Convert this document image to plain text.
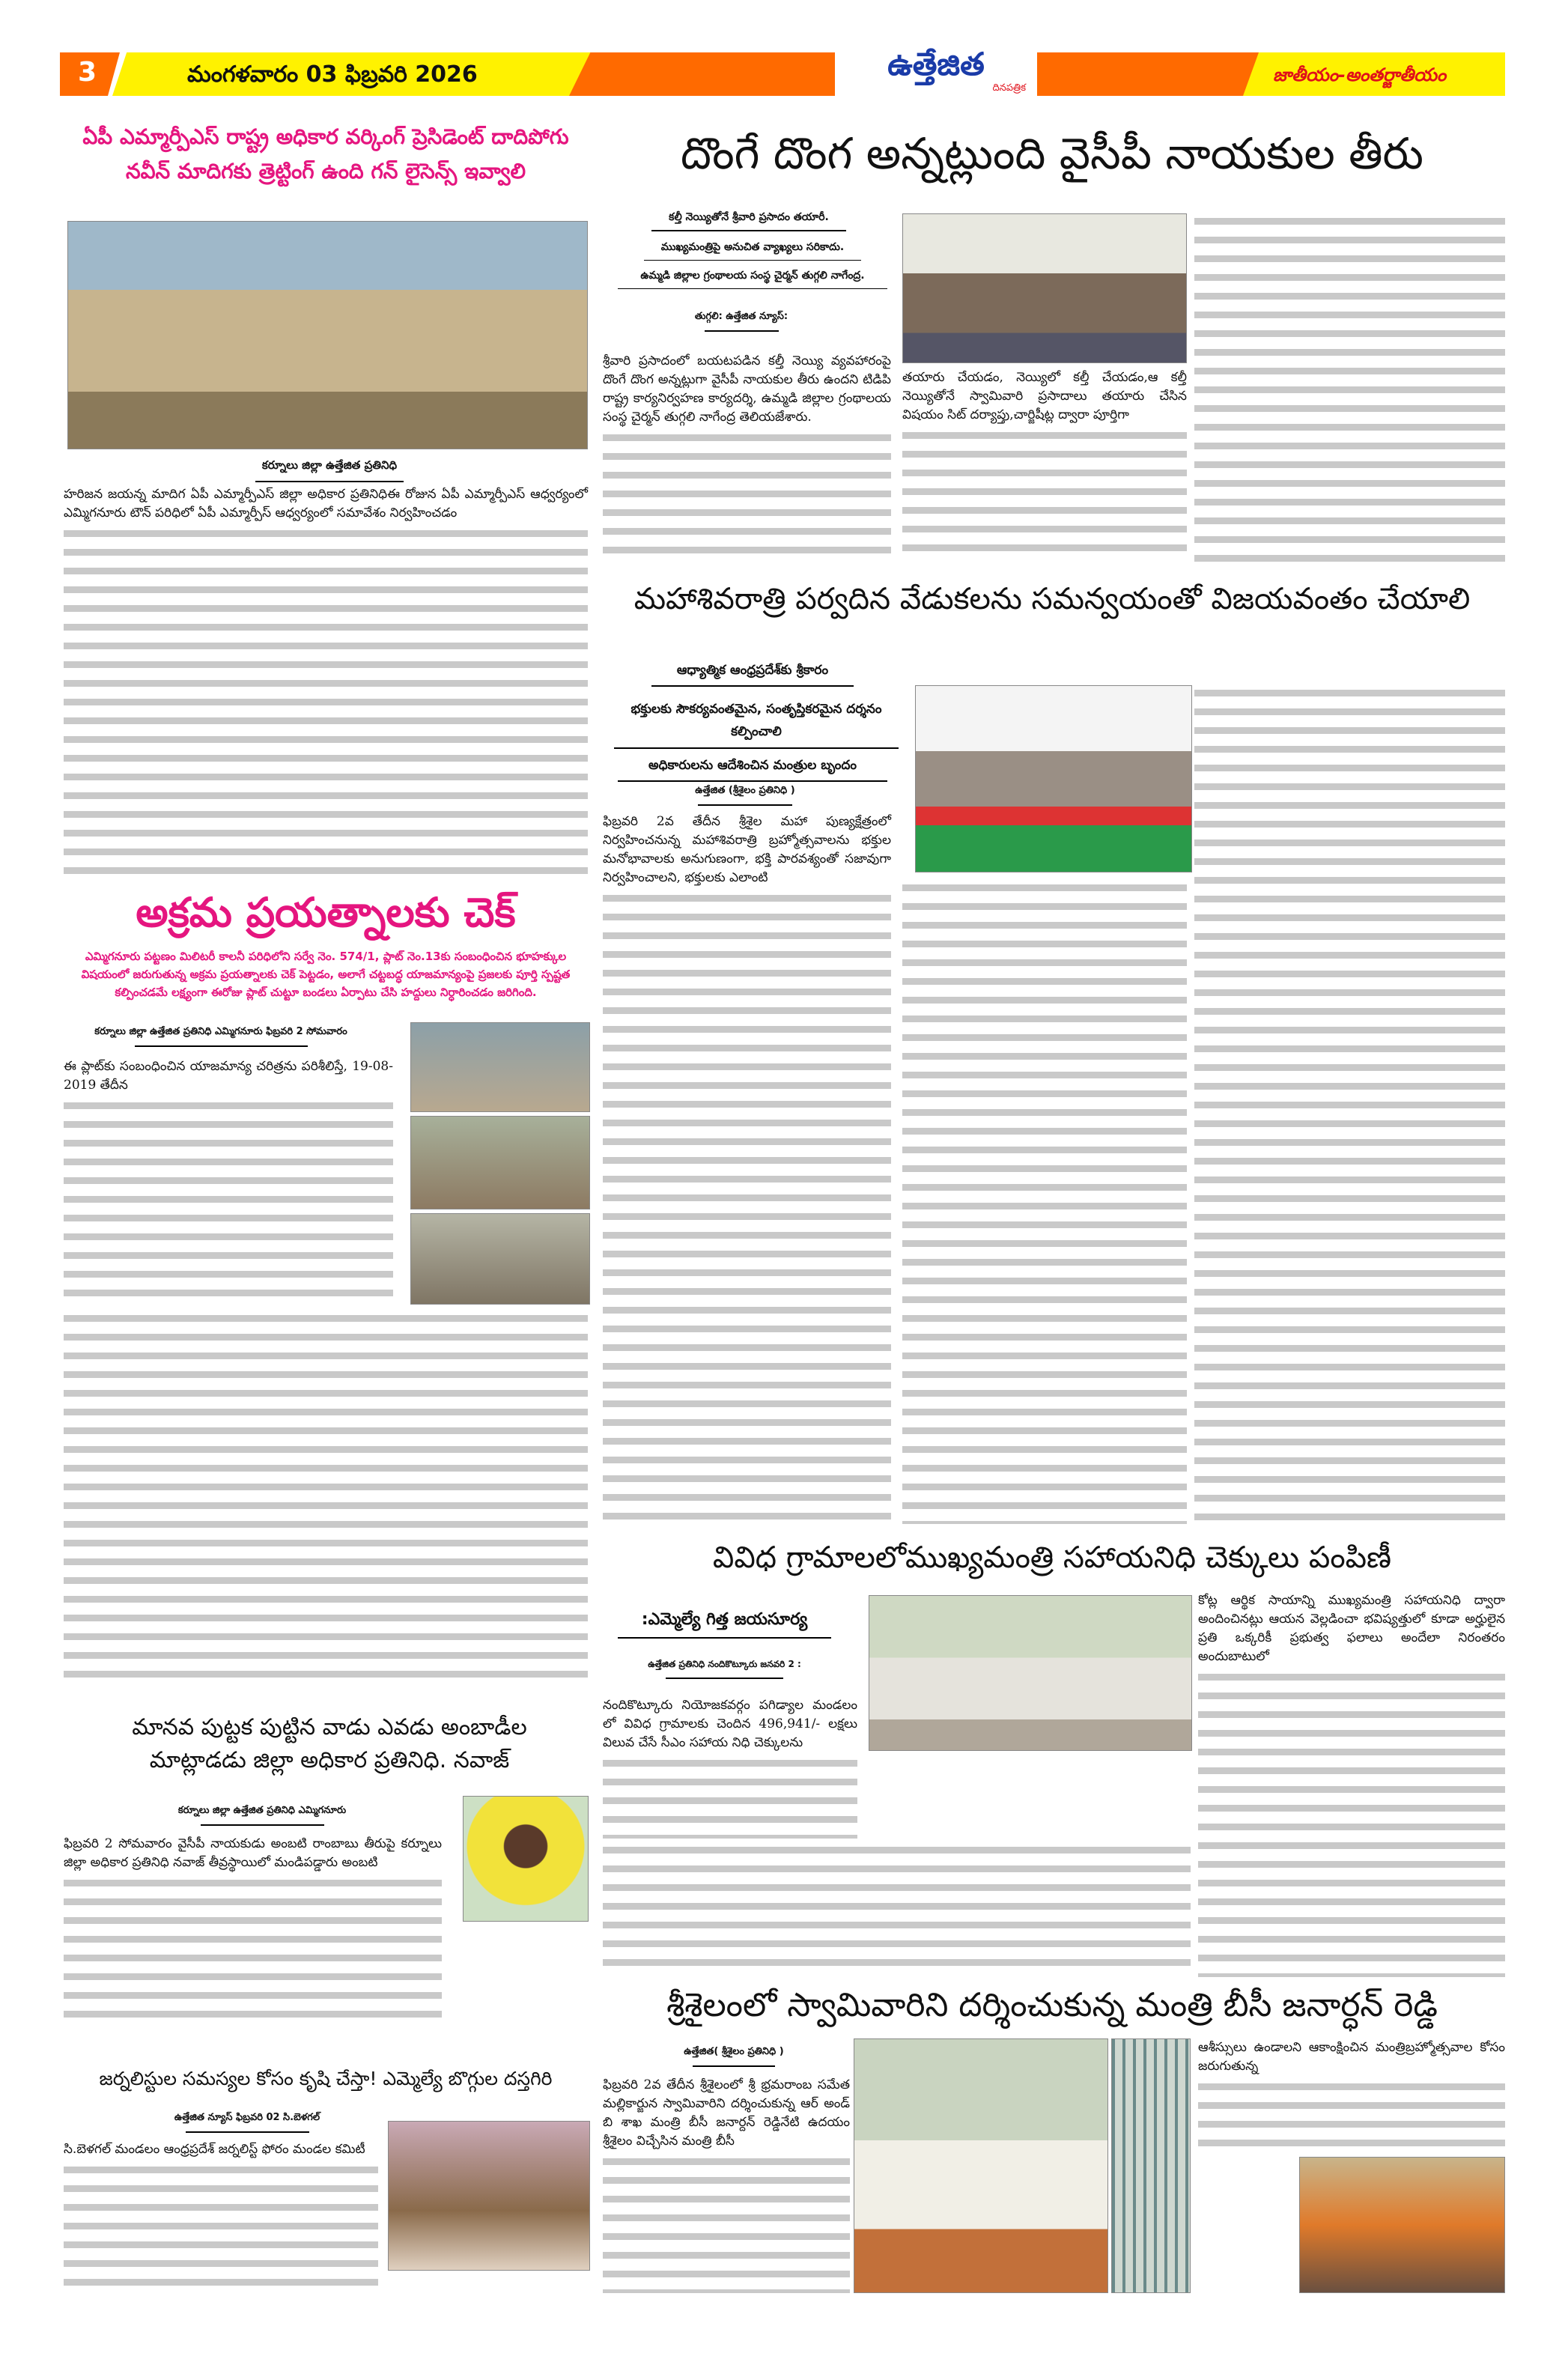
3	మంగళవారం 03 ఫిబ్రవరి 2026	ఉత్తేజిత
దినపత్రిక
జాతీయం-అంతర్జాతీయం
ఏపీ ఎమ్మార్పీఎస్ రాష్ట్ర అధికార వర్కింగ్ ప్రెసిడెంట్ దాదిపోగు నవీన్ మాదిగకు త్రెట్టింగ్ ఉంది గన్ లైసెన్స్ ఇవ్వాలి
కర్నూలు జిల్లా ఉత్తేజిత ప్రతినిధి
హరిజన జయన్న మాదిగ ఏపీ ఎమ్మార్పీఎస్ జిల్లా అధికార ప్రతినిధిఈ రోజున ఏపీ ఎమ్మార్పీఎస్ ఆధ్వర్యంలో ఎమ్మిగనూరు టౌన్ పరిధిలో ఏపీ ఎమ్మార్పీస్ ఆధ్వర్యంలో సమావేశం నిర్వహించడం
అక్రమ ప్రయత్నాలకు చెక్
ఎమ్మిగనూరు పట్టణం మిలిటరీ కాలనీ పరిధిలోని సర్వే నెం. 574/1, ప్లాట్ నెం.13కు సంబంధించిన భూహక్కుల విషయంలో జరుగుతున్న అక్రమ ప్రయత్నాలకు చెక్ పెట్టడం, అలాగే చట్టబద్ధ యాజమాన్యంపై ప్రజలకు పూర్తి స్పష్టత కల్పించడమే లక్ష్యంగా ఈరోజు ప్లాట్ చుట్టూ బండలు ఏర్పాటు చేసి హద్దులు నిర్ధారించడం జరిగింది.
కర్నూలు జిల్లా ఉత్తేజిత ప్రతినిధి ఎమ్మిగనూరు ఫిబ్రవరి 2 సోమవారం
ఈ ప్లాట్‌కు సంబంధించిన యాజమాన్య చరిత్రను పరిశీలిస్తే, 19-08-2019 తేదీన
మానవ పుట్టక పుట్టిన వాడు ఎవడు అంబాడీల మాట్లాడడు జిల్లా అధికార ప్రతినిధి. నవాజ్
కర్నూలు జిల్లా ఉత్తేజిత ప్రతినిధి ఎమ్మిగనూరు
ఫిబ్రవరి 2 సోమవారం వైసీపీ నాయకుడు అంబటి రాంబాబు తీరుపై కర్నూలు జిల్లా అధికార ప్రతినిధి నవాజ్ తీవ్రస్థాయిలో మండిపడ్డారు అంబటి
జర్నలిస్టుల సమస్యల కోసం కృషి చేస్తా! ఎమ్మెల్యే బొగ్గుల దస్తగిరి
ఉత్తేజిత న్యూస్ ఫిబ్రవరి 02 సి.బెళగల్
సి.బెళగల్ మండలం ఆంధ్రప్రదేశ్ జర్నలిస్ట్ ఫోరం మండల కమిటీ
దొంగే దొంగ అన్నట్లుంది వైసీపీ నాయకుల తీరు
కల్తీ నెయ్యితోనే శ్రీవారి ప్రసాదం తయారీ.
ముఖ్యమంత్రిపై అనుచిత వ్యాఖ్యలు సరికాదు.
ఉమ్మడి జిల్లాల గ్రంథాలయ సంస్థ చైర్మన్ తుగ్గలి నాగేంద్ర.
తుగ్గలి: ఉత్తేజిత న్యూస్:
శ్రీవారి ప్రసాదంలో బయటపడిన కల్తీ నెయ్యి వ్యవహారంపై దొంగే దొంగ అన్నట్లుగా వైసీపీ నాయకుల తీరు ఉందని టిడిపి రాష్ట్ర కార్యనిర్వహణ కార్యదర్శి, ఉమ్మడి జిల్లాల గ్రంథాలయ సంస్థ చైర్మన్ తుగ్గలి నాగేంద్ర తెలియజేశారు.
తయారు చేయడం, నెయ్యిలో కల్తీ చేయడం,ఆ కల్తీ నెయ్యితోనే స్వామివారి ప్రసాదాలు తయారు చేసిన విషయం సిట్ దర్యాప్తు,చార్జిషీట్ల ద్వారా పూర్తిగా
మహాశివరాత్రి పర్వదిన వేడుకలను సమన్వయంతో విజయవంతం చేయాలి
ఆధ్యాత్మిక ఆంధ్రప్రదేశ్‌కు శ్రీకారం
భక్తులకు సౌకర్యవంతమైన, సంతృప్తికరమైన దర్శనం కల్పించాలి
అధికారులను ఆదేశించిన మంత్రుల బృందం
ఉత్తేజిత (శ్రీశైలం ప్రతినిధి )
ఫిబ్రవరి 2వ తేదీన శ్రీశైల మహా పుణ్యక్షేత్రంలో నిర్వహించనున్న మహాశివరాత్రి బ్రహ్మోత్సవాలను భక్తుల మనోభావాలకు అనుగుణంగా, భక్తి పారవశ్యంతో సజావుగా నిర్వహించాలని, భక్తులకు ఎలాంటి
వివిధ గ్రామాలలోముఖ్యమంత్రి సహాయనిధి చెక్కులు పంపిణీ
:ఎమ్మెల్యే గిత్త జయసూర్య
ఉత్తేజిత ప్రతినిధి నందికొట్కూరు జనవరి 2 :
నందికొట్కూరు నియోజకవర్గం పగిడ్యాల మండలం లో వివిధ గ్రామాలకు చెందిన 496,941/- లక్షలు విలువ చేసే సీఎం సహాయ నిధి చెక్కులను
కోట్ల ఆర్థిక సాయాన్ని ముఖ్యమంత్రి సహాయనిధి ద్వారా అందించినట్లు ఆయన వెల్లడించా భవిష్యత్తులో కూడా అర్హులైన ప్రతి ఒక్కరికీ ప్రభుత్వ ఫలాలు అందేలా నిరంతరం అందుబాటులో
శ్రీశైలంలో స్వామివారిని దర్శించుకున్న మంత్రి బీసీ జనార్ధన్ రెడ్డి
ఉత్తేజిత( శ్రీశైలం ప్రతినిధి )
ఫిబ్రవరి 2వ తేదీన శ్రీశైలంలో శ్రీ భ్రమరాంబ సమేత మల్లికార్జున స్వామివారిని దర్శించుకున్న ఆర్ అండ్ బి శాఖ మంత్రి బీసీ జనార్దన్ రెడ్డినేటి ఉదయం శ్రీశైలం విచ్చేసిన మంత్రి బీసీ
ఆశీస్సులు ఉండాలని ఆకాంక్షించిన మంత్రిబ్రహ్మోత్సవాల కోసం జరుగుతున్న
